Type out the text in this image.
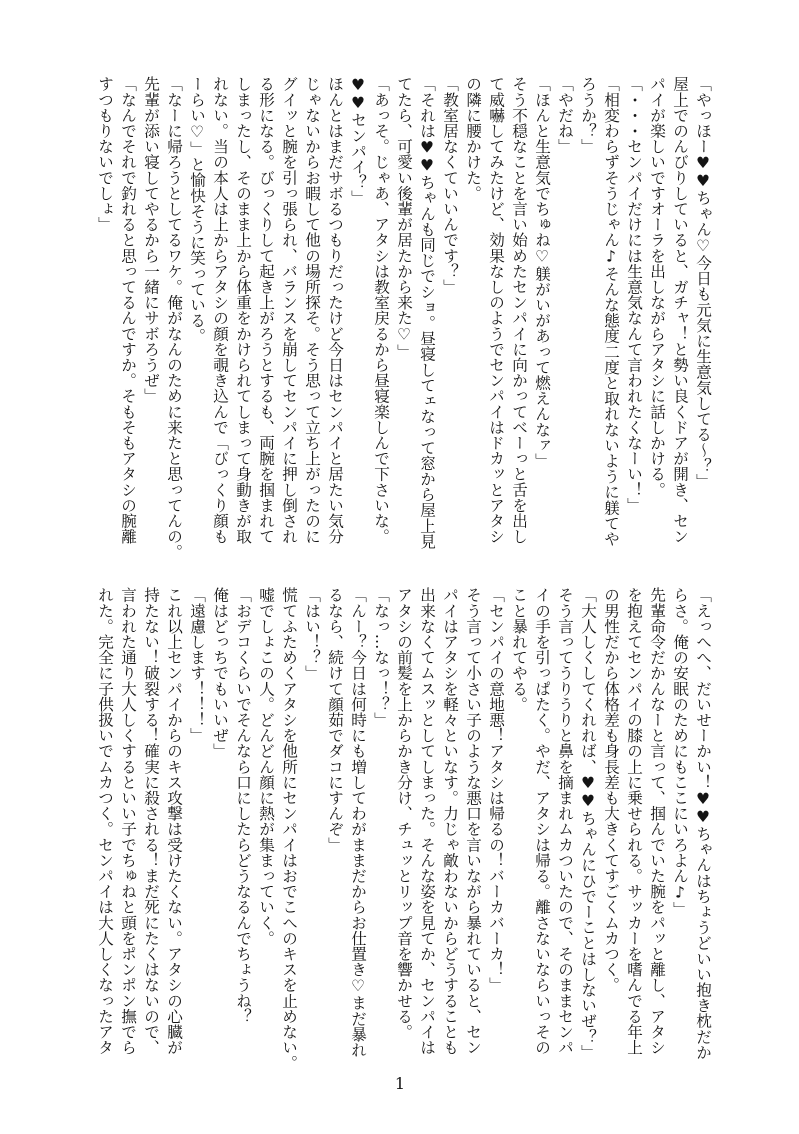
「やっほー♥♥ちゃん♡今日も元気に生意気してる～？」
屋上でのんびりしていると、ガチャ！と勢い良くドアが開き、セン
パイが楽しいですオーラを出しながらアタシに話しかける。
「・・・センパイだけには生意気なんて言われたくなーい！」
「相変わらずそうじゃん♪そんな態度二度と取れないように躾てや
ろうか？」
「やだね」
「ほんと生意気でちゅね♡躾がいがあって燃えんなァ」
そう不穏なことを言い始めたセンパイに向かってべーっと舌を出し
て威嚇してみたけど、効果なしのようでセンパイはドカッとアタシ
の隣に腰かけた。
「教室居なくていいんです？」
「それは♥♥ちゃんも同じでショ。昼寝してェなって窓から屋上見
てたら、可愛い後輩が居たから来た♡」
「あっそ。じゃあ、アタシは教室戻るから昼寝楽しんで下さいな。
♥♥センパイ？」
ほんとはまだサボるつもりだったけど今日はセンパイと居たい気分
じゃないからお暇して他の場所探そ。そう思って立ち上がったのに
グイッと腕を引っ張られ、バランスを崩してセンパイに押し倒され
る形になる。びっくりして起き上がろうとするも、両腕を掴まれて
しまったし、そのまま上から体重をかけられてしまって身動きが取
れない。当の本人は上からアタシの顔を覗き込んで「びっくり顔も
ーらい♡」と愉快そうに笑っている。
「なーに帰ろうとしてるワケ。俺がなんのために来たと思ってんの。
先輩が添い寝してやるから一緒にサボろうぜ」
「なんでそれで釣れると思ってるんですか。そもそもアタシの腕離
すつもりないでしょ」
「えっへへ、だいせーかい！♥♥ちゃんはちょうどいい抱き枕だか
らさ。俺の安眠のためにもここにいろよん♪」
先輩命令だかんなーと言って、掴んでいた腕をパッと離し、アタシ
を抱えてセンパイの膝の上に乗せられる。サッカーを嗜んでる年上
の男性だから体格差も身長差も大きくてすごくムカつく。
「大人しくしてくれれば、♥♥ちゃんにひでーことはしないぜ？」
そう言ってうりうりと鼻を摘まれムカついたので、そのままセンパ
イの手を引っぱたく。やだ、アタシは帰る。離さないならいっその
こと暴れてやる。
「センパイの意地悪！アタシは帰るの！バーカバーカ！」
そう言って小さい子のような悪口を言いながら暴れていると、セン
パイはアタシを軽々といなす。力じゃ敵わないからどうすることも
出来なくてムスッとしてしまった。そんな姿を見てか、センパイは
アタシの前髪を上からかき分け、チュッとリップ音を響かせる。
「なっ…なっ！？」
「んー？今日は何時にも増してわがままだからお仕置き♡まだ暴れ
るなら、続けて顔茹でダコにすんぞ」
「はい！？」
慌てふためくアタシを他所にセンパイはおでこへのキスを止めない。
嘘でしょこの人。どんどん顔に熱が集まっていく。
「おデコくらいでそんなら口にしたらどうなるんでちょうね？
俺はどっちでもいいぜ」
「遠慮します！！！」
これ以上センパイからのキス攻撃は受けたくない。アタシの心臓が
持たない！破裂する！確実に殺される！まだ死にたくはないので、
言われた通り大人しくするといい子でちゅねと頭をポンポン撫でら
れた。完全に子供扱いでムカつく。センパイは大人しくなったアタ
1
